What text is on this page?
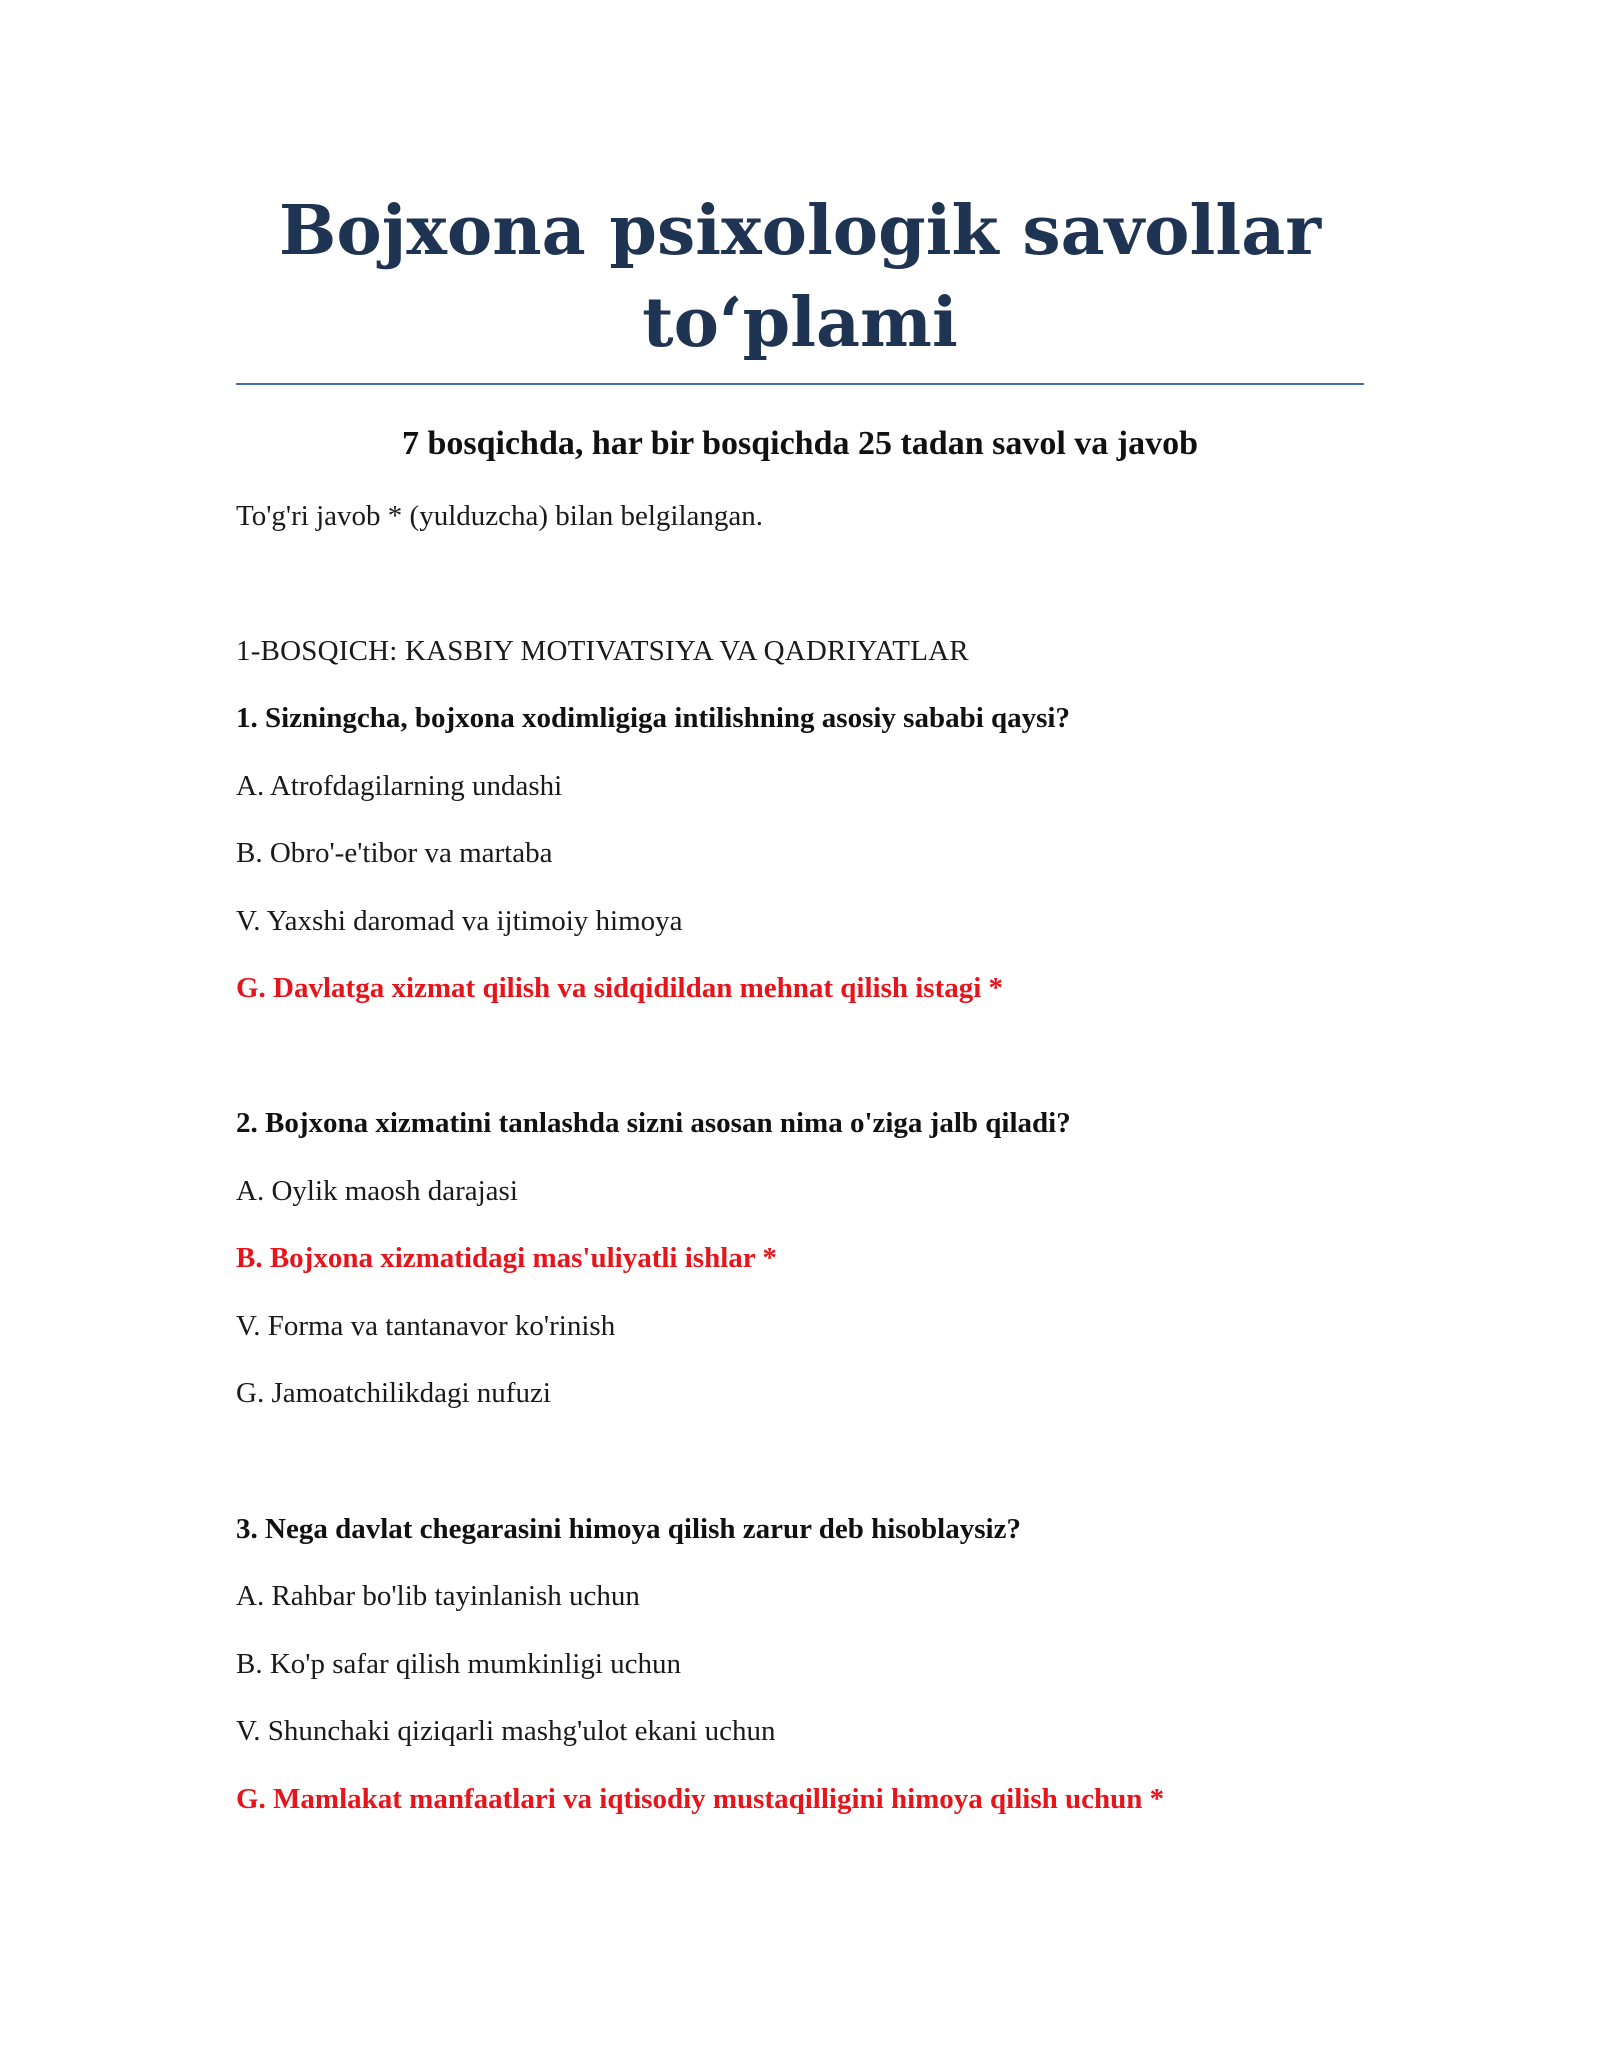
Bojxona psixologik savollar
to‘plami
7 bosqichda, har bir bosqichda 25 tadan savol va javob
To'g'ri javob * (yulduzcha) bilan belgilangan.
1-BOSQICH: KASBIY MOTIVATSIYA VA QADRIYATLAR
1. Sizningcha, bojxona xodimligiga intilishning asosiy sababi qaysi?
A. Atrofdagilarning undashi
B. Obro'-e'tibor va martaba
V. Yaxshi daromad va ijtimoiy himoya
G. Davlatga xizmat qilish va sidqidildan mehnat qilish istagi *
2. Bojxona xizmatini tanlashda sizni asosan nima o'ziga jalb qiladi?
A. Oylik maosh darajasi
B. Bojxona xizmatidagi mas'uliyatli ishlar *
V. Forma va tantanavor ko'rinish
G. Jamoatchilikdagi nufuzi
3. Nega davlat chegarasini himoya qilish zarur deb hisoblaysiz?
A. Rahbar bo'lib tayinlanish uchun
B. Ko'p safar qilish mumkinligi uchun
V. Shunchaki qiziqarli mashg'ulot ekani uchun
G. Mamlakat manfaatlari va iqtisodiy mustaqilligini himoya qilish uchun *
